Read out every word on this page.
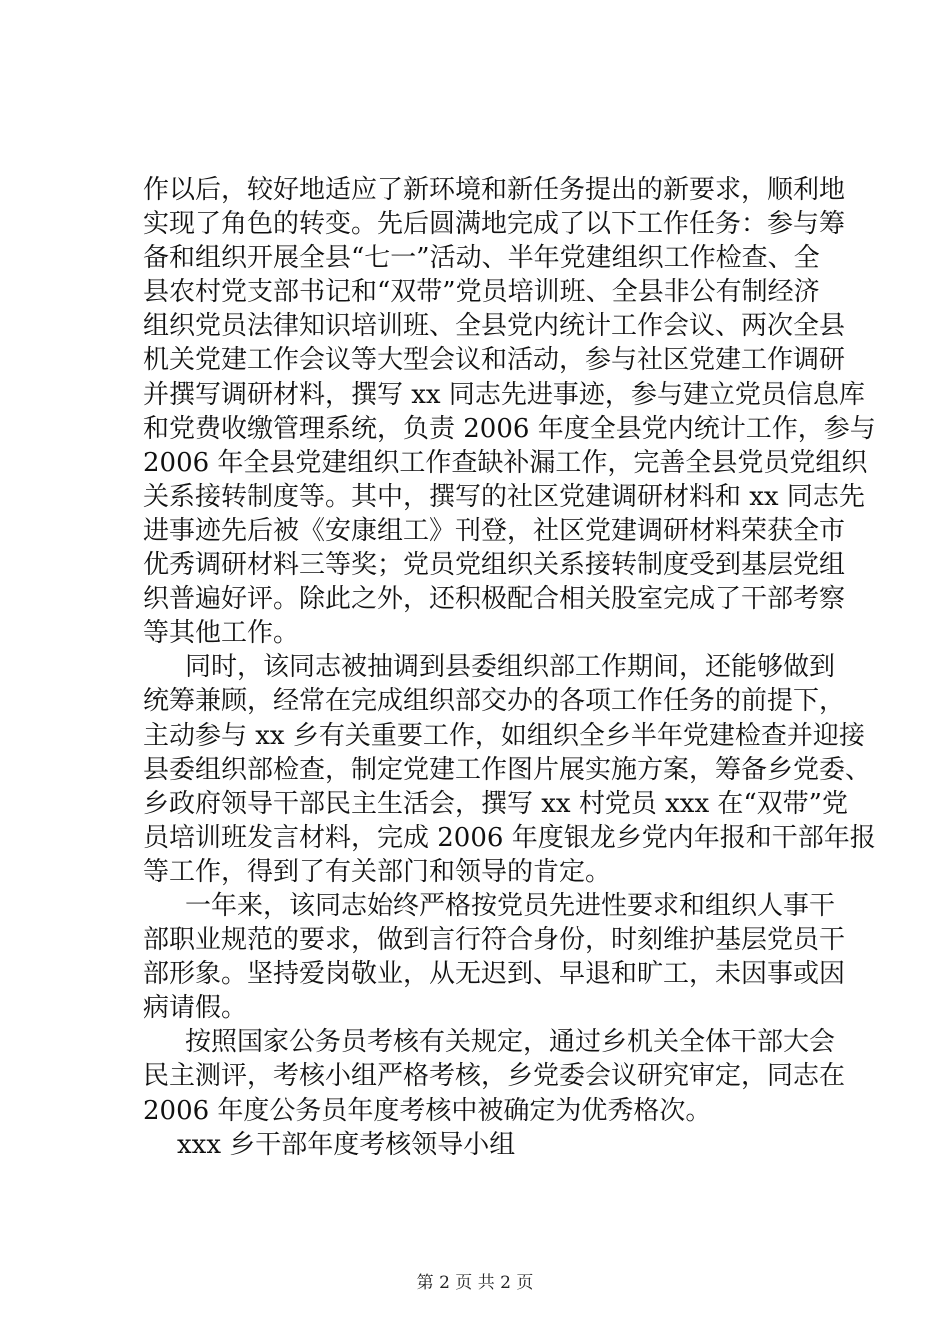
作以后，较好地适应了新环境和新任务提出的新要求，顺利地
实现了角色的转变。先后圆满地完成了以下工作任务：参与筹
备和组织开展全县“七一”活动、半年党建组织工作检查、全
县农村党支部书记和“双带”党员培训班、全县非公有制经济
组织党员法律知识培训班、全县党内统计工作会议、两次全县
机关党建工作会议等大型会议和活动，参与社区党建工作调研
并撰写调研材料，撰写 xx 同志先进事迹，参与建立党员信息库
和党费收缴管理系统，负责 2006 年度全县党内统计工作，参与
2006 年全县党建组织工作查缺补漏工作，完善全县党员党组织
关系接转制度等。其中，撰写的社区党建调研材料和 xx 同志先
进事迹先后被《安康组工》刊登，社区党建调研材料荣获全市
优秀调研材料三等奖；党员党组织关系接转制度受到基层党组
织普遍好评。除此之外，还积极配合相关股室完成了干部考察
等其他工作。
同时，该同志被抽调到县委组织部工作期间，还能够做到
统筹兼顾，经常在完成组织部交办的各项工作任务的前提下，
主动参与 xx 乡有关重要工作，如组织全乡半年党建检查并迎接
县委组织部检查，制定党建工作图片展实施方案，筹备乡党委、
乡政府领导干部民主生活会，撰写 xx 村党员 xxx 在“双带”党
员培训班发言材料，完成 2006 年度银龙乡党内年报和干部年报
等工作，得到了有关部门和领导的肯定。
一年来，该同志始终严格按党员先进性要求和组织人事干
部职业规范的要求，做到言行符合身份，时刻维护基层党员干
部形象。坚持爱岗敬业，从无迟到、早退和旷工，未因事或因
病请假。
按照国家公务员考核有关规定，通过乡机关全体干部大会
民主测评，考核小组严格考核，乡党委会议研究审定，同志在
2006 年度公务员年度考核中被确定为优秀格次。
xxx 乡干部年度考核领导小组
第 2 页 共 2 页
